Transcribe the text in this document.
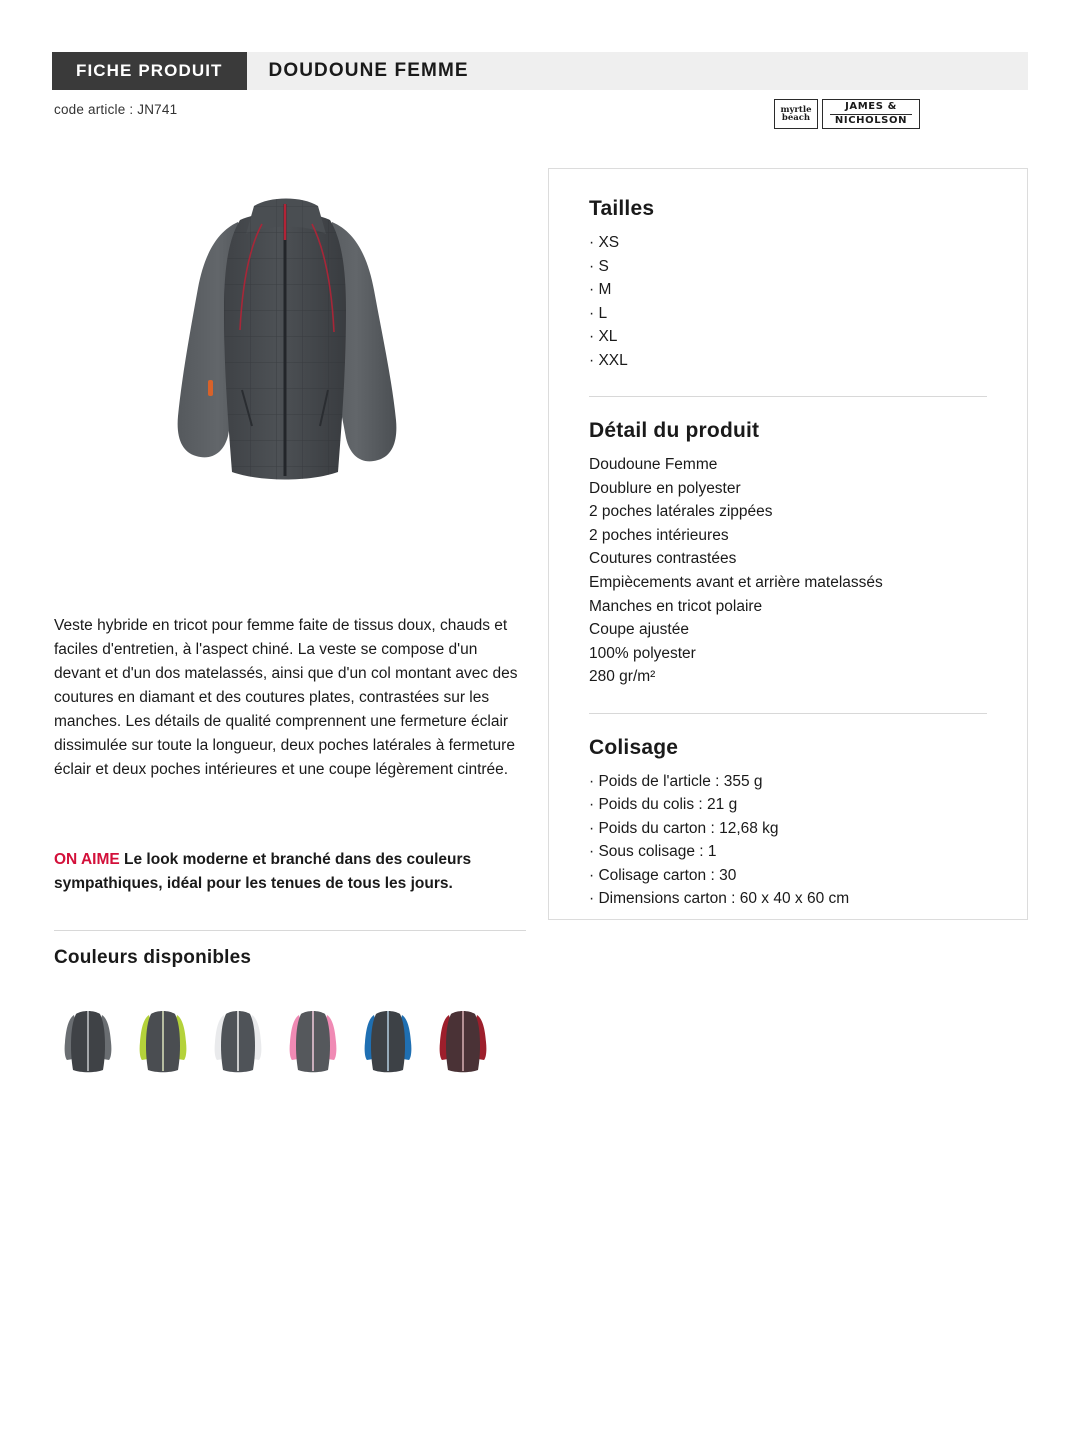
FICHE PRODUIT	DOUDOUNE FEMME
code article : JN741	myrtle
beach
JAMES &
NICHOLSON

Veste hybride en tricot pour femme faite de tissus doux, chauds et faciles d'entretien, à l'aspect chiné. La veste se compose d'un devant et d'un dos matelassés, ainsi que d'un col montant avec des coutures en diamant et des coutures plates, contrastées sur les manches. Les détails de qualité comprennent une fermeture éclair dissimulée sur toute la longueur, deux poches latérales à fermeture éclair et deux poches intérieures et une coupe légèrement cintrée.

ON AIME Le look moderne et branché dans des couleurs sympathiques, idéal pour les tenues de tous les jours.

Couleurs disponibles
Tailles
· XS
· S
· M
· L
· XL
· XXL
Détail du produit
Doudoune Femme
Doublure en polyester
2 poches latérales zippées
2 poches intérieures
Coutures contrastées
Empiècements avant et arrière matelassés
Manches en tricot polaire
Coupe ajustée
100% polyester
280 gr/m²
Colisage
· Poids de l'article : 355 g
· Poids du colis : 21 g
· Poids du carton : 12,68 kg
· Sous colisage : 1
· Colisage carton : 30
· Dimensions carton : 60 x 40 x 60 cm
